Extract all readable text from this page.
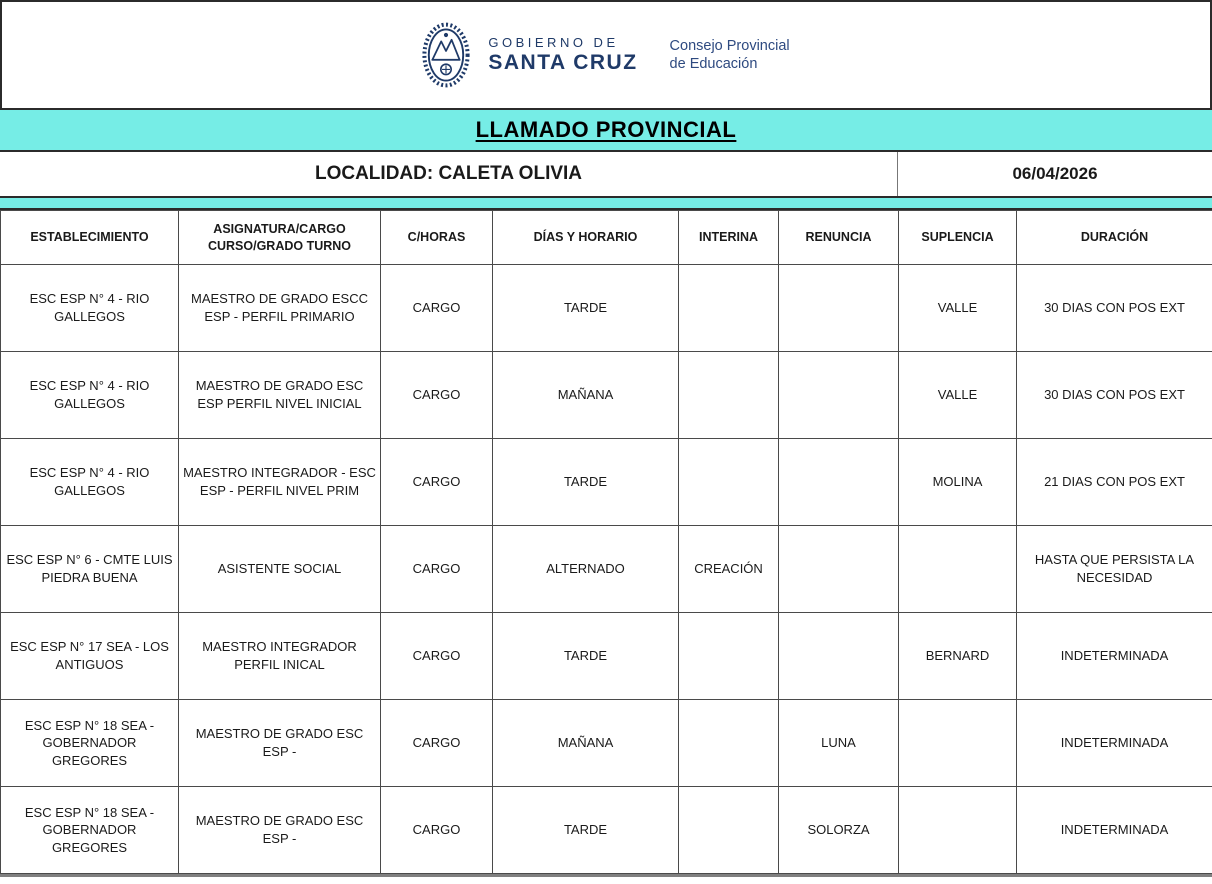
GOBIERNO DE
SANTA CRUZ
Consejo Provincial
de Educación
LLAMADO PROVINCIAL
LOCALIDAD: CALETA OLIVIA	06/04/2026
ESTABLECIMIENTO	ASIGNATURA/CARGO CURSO/GRADO TURNO	C/HORAS	DÍAS Y HORARIO	INTERINA	RENUNCIA	SUPLENCIA	DURACIÓN
ESC ESP N° 4 - RIO GALLEGOS	MAESTRO DE GRADO ESCC ESP - PERFIL PRIMARIO	CARGO	TARDE			VALLE	30 DIAS CON POS EXT
ESC ESP N° 4 - RIO GALLEGOS	MAESTRO DE GRADO ESC ESP PERFIL NIVEL INICIAL	CARGO	MAÑANA			VALLE	30 DIAS CON POS EXT
ESC ESP N° 4 - RIO GALLEGOS	MAESTRO INTEGRADOR - ESC ESP - PERFIL NIVEL PRIM	CARGO	TARDE			MOLINA	21 DIAS CON POS EXT
ESC ESP N° 6 - CMTE LUIS PIEDRA BUENA	ASISTENTE SOCIAL	CARGO	ALTERNADO	CREACIÓN			HASTA QUE PERSISTA LA NECESIDAD
ESC ESP N° 17 SEA - LOS ANTIGUOS	MAESTRO INTEGRADOR PERFIL INICAL	CARGO	TARDE			BERNARD	INDETERMINADA
ESC ESP N° 18 SEA - GOBERNADOR GREGORES	MAESTRO DE GRADO ESC ESP -	CARGO	MAÑANA		LUNA		INDETERMINADA
ESC ESP N° 18 SEA - GOBERNADOR GREGORES	MAESTRO DE GRADO ESC ESP -	CARGO	TARDE		SOLORZA		INDETERMINADA
